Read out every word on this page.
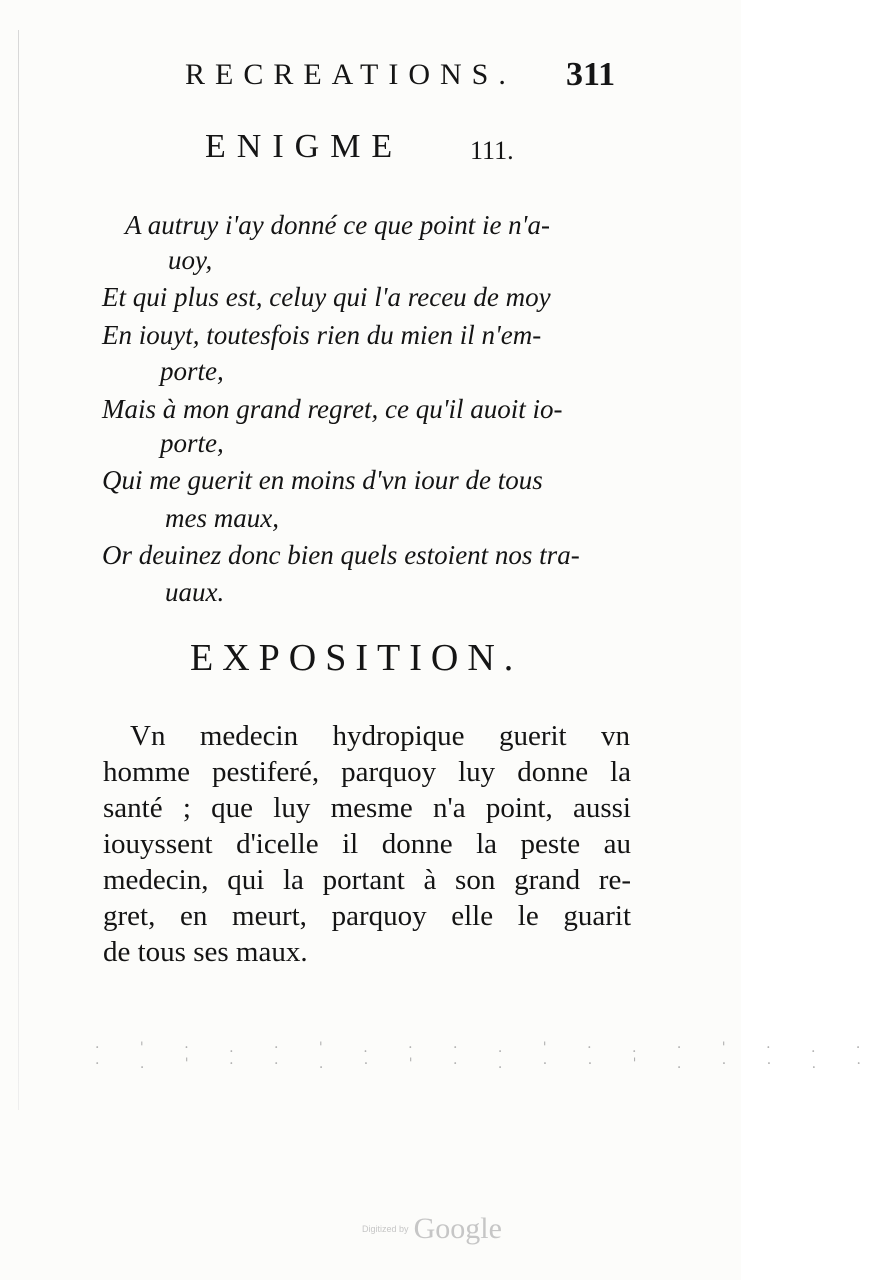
RECREATIONS. 311
ENIGME	111.
A autruy i'ay donné ce que point ie n'a-
uoy,
Et qui plus est, celuy qui l'a receu de moy
En iouyt, toutesfois rien du mien il n'em-
porte,
Mais à mon grand regret, ce qu'il auoit io-
porte,
Qui me guerit en moins d'vn iour de tous
mes maux,
Or deuinez donc bien quels estoient nos tra-
uaux.
EXPOSITION.
Vn medecin hydropique guerit vn
homme pestiferé, parquoy luy donne la
santé ; que luy mesme n'a point, aussi
iouyssent d'icelle il donne la peste au
medecin, qui la portant à son grand re-
gret, en meurt, parquoy elle le guarit
de tous ses maux.
· ' · . · ' . · · . ' · . · ' · . ·
· . ' · · . · ' · . · · ' . · · . ·
Digitized by Google
